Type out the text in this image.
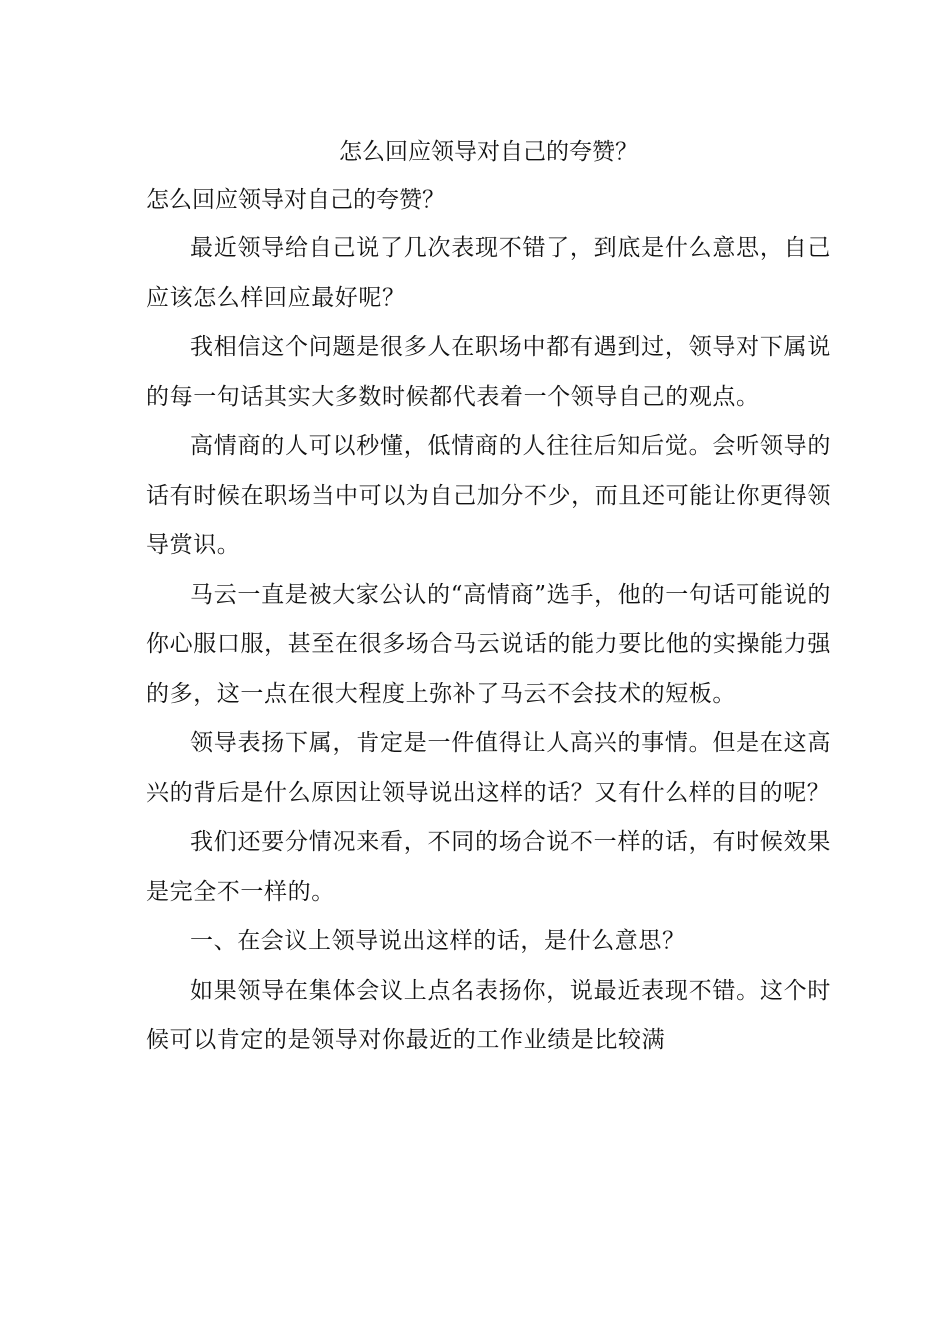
怎么回应领导对自己的夸赞？

怎么回应领导对自己的夸赞？

最近领导给自己说了几次表现不错了，到底是什么意思，自己应该怎么样回应最好呢？

我相信这个问题是很多人在职场中都有遇到过，领导对下属说的每一句话其实大多数时候都代表着一个领导自己的观点。

高情商的人可以秒懂，低情商的人往往后知后觉。会听领导的话有时候在职场当中可以为自己加分不少，而且还可能让你更得领导赏识。

马云一直是被大家公认的“高情商”选手，他的一句话可能说的你心服口服，甚至在很多场合马云说话的能力要比他的实操能力强的多，这一点在很大程度上弥补了马云不会技术的短板。

领导表扬下属，肯定是一件值得让人高兴的事情。但是在这高兴的背后是什么原因让领导说出这样的话？又有什么样的目的呢？

我们还要分情况来看，不同的场合说不一样的话，有时候效果是完全不一样的。

一、在会议上领导说出这样的话，是什么意思？

如果领导在集体会议上点名表扬你，说最近表现不错。这个时候可以肯定的是领导对你最近的工作业绩是比较满
